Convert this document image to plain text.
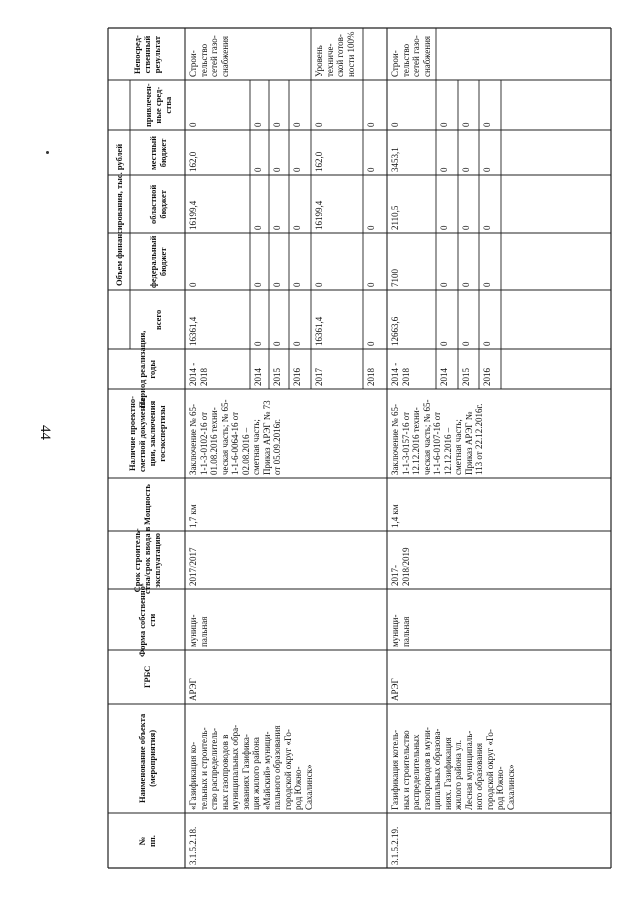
44
Наименование объекта
(мероприятия)
ГРБС
Форма собственно-
сти
Срок строитель-
ства/срок ввода в
эксплуатацию
Мощность
Наличие проектно-
сметной документа-
ции, заключения
госэкспертизы
Период реализации,
годы
Непосред-
ственный
результат
№
пп.
всего
федеральный
бюджет
областной
бюджет
местный
бюджет
привлечен-
ные сред-
ства
Объем финансирования, тыс. рублей
3.1.5.2.18.
«Газификация ко-
тельных и строитель-
ство распределитель-
ных газопроводов в
муниципальных обра-
зованиях Газифика-
ция жилого района
«Майский» муници-
пального образования
городской округ «Го-
род Южно-
Сахалинск»
АРЭГ
муници-
пальная
2017/2017
1,7 км
Заключение № 65-
1-1-3-0102-16 от
01.08.2016 техни-
ческая часть; № 65-
1-1-6-0064-16 от
02.08.2016 –
сметная часть;
Приказ АРЭГ № 73
от 05.09.2016г.
Строи-
тельство
сетей газо-
снабжения
2014 -
2018
16361,4
0
16199,4
162,0
0
2014
0
0
0
0
0
2015
0
0
0
0
0
2016
0
0
0
0
0
2017
16361,4
0
16199,4
162,0
0
Уровень
техниче-
ской готов-
ности 100%
2018
0
0
0
0
0
3.1.5.2.19.
Газификация котель-
ных и строительство
распределительных
газопроводов в муни-
ципальных образова-
ниях. Газификация
жилого района ул.
Лесная муниципаль-
ного образования
городской округ «Го-
род Южно-
Сахалинск»
АРЭГ
муници-
пальная
2017-
2018/2019
1,4 км
Заключение № 65-
1-1-3-0157-16 от
12.12.2016 техни-
ческая часть; № 65-
1-1-6-0107-16 от
12.12.2016 –
сметная часть;
Приказ АРЭГ №
113 от 22.12.2016г.
Строи-
тельство
сетей газо-
снабжения
2014 -
2018
12663,6
7100
2110,5
3453,1
0
2014
0
0
0
0
0
2015
0
0
0
0
0
2016
0
0
0
0
0
